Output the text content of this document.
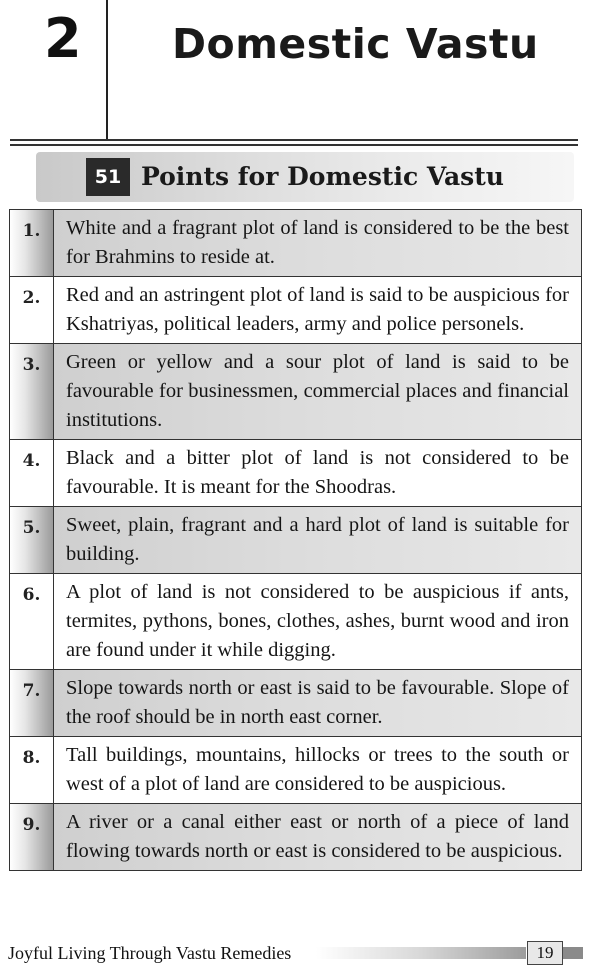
2 Domestic Vastu
51 Points for Domestic Vastu
1.	White and a fragrant plot of land is considered to be the best for Brahmins to reside at.
2.	Red and an astringent plot of land is said to be auspicious for Kshatriyas, political leaders, army and police personels.
3.	Green or yellow and a sour plot of land is said to be favourable for businessmen, commercial places and financial institutions.
4.	Black and a bitter plot of land is not considered to be favourable. It is meant for the Shoodras.
5.	Sweet, plain, fragrant and a hard plot of land is suitable for building.
6.	A plot of land is not considered to be auspicious if ants, termites, pythons, bones, clothes, ashes, burnt wood and iron are found under it while digging.
7.	Slope towards north or east is said to be favourable. Slope of the roof should be in north east corner.
8.	Tall buildings, mountains, hillocks or trees to the south or west of a plot of land are considered to be auspicious.
9.	A river or a canal either east or north of a piece of land flowing towards north or east is considered to be auspicious.
Joyful Living Through Vastu Remedies	19
